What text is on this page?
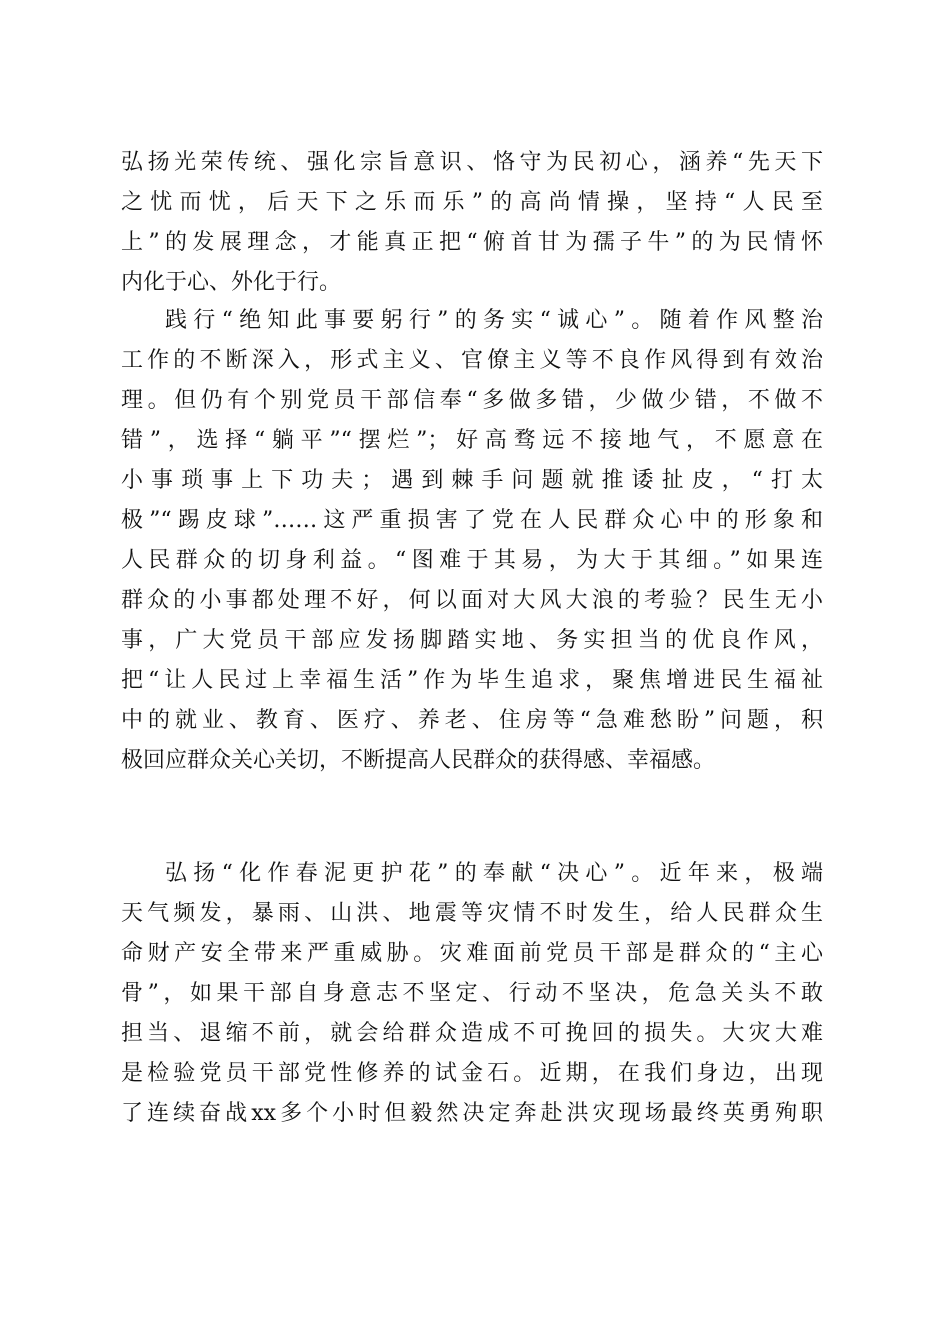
弘扬光荣传统、强化宗旨意识、恪守为民初心，涵养“先天下
之忧而忧，后天下之乐而乐”的高尚情操，坚持“人民至
上”的发展理念，才能真正把“俯首甘为孺子牛”的为民情怀
内化于心、外化于行。
践行“绝知此事要躬行”的务实“诚心”。随着作风整治
工作的不断深入，形式主义、官僚主义等不良作风得到有效治
理。但仍有个别党员干部信奉“多做多错，少做少错，不做不
错”，选择“躺平”“摆烂”；好高骛远不接地气，不愿意在
小事琐事上下功夫；遇到棘手问题就推诿扯皮，“打太
极”“踢皮球”……这严重损害了党在人民群众心中的形象和
人民群众的切身利益。“图难于其易，为大于其细。”如果连
群众的小事都处理不好，何以面对大风大浪的考验？民生无小
事，广大党员干部应发扬脚踏实地、务实担当的优良作风，
把“让人民过上幸福生活”作为毕生追求，聚焦增进民生福祉
中的就业、教育、医疗、养老、住房等“急难愁盼”问题，积
极回应群众关心关切，不断提高人民群众的获得感、幸福感。
弘扬“化作春泥更护花”的奉献“决心”。近年来，极端
天气频发，暴雨、山洪、地震等灾情不时发生，给人民群众生
命财产安全带来严重威胁。灾难面前党员干部是群众的“主心
骨”，如果干部自身意志不坚定、行动不坚决，危急关头不敢
担当、退缩不前，就会给群众造成不可挽回的损失。大灾大难
是检验党员干部党性修养的试金石。近期，在我们身边，出现
了连续奋战xx多个小时但毅然决定奔赴洪灾现场最终英勇殉职
